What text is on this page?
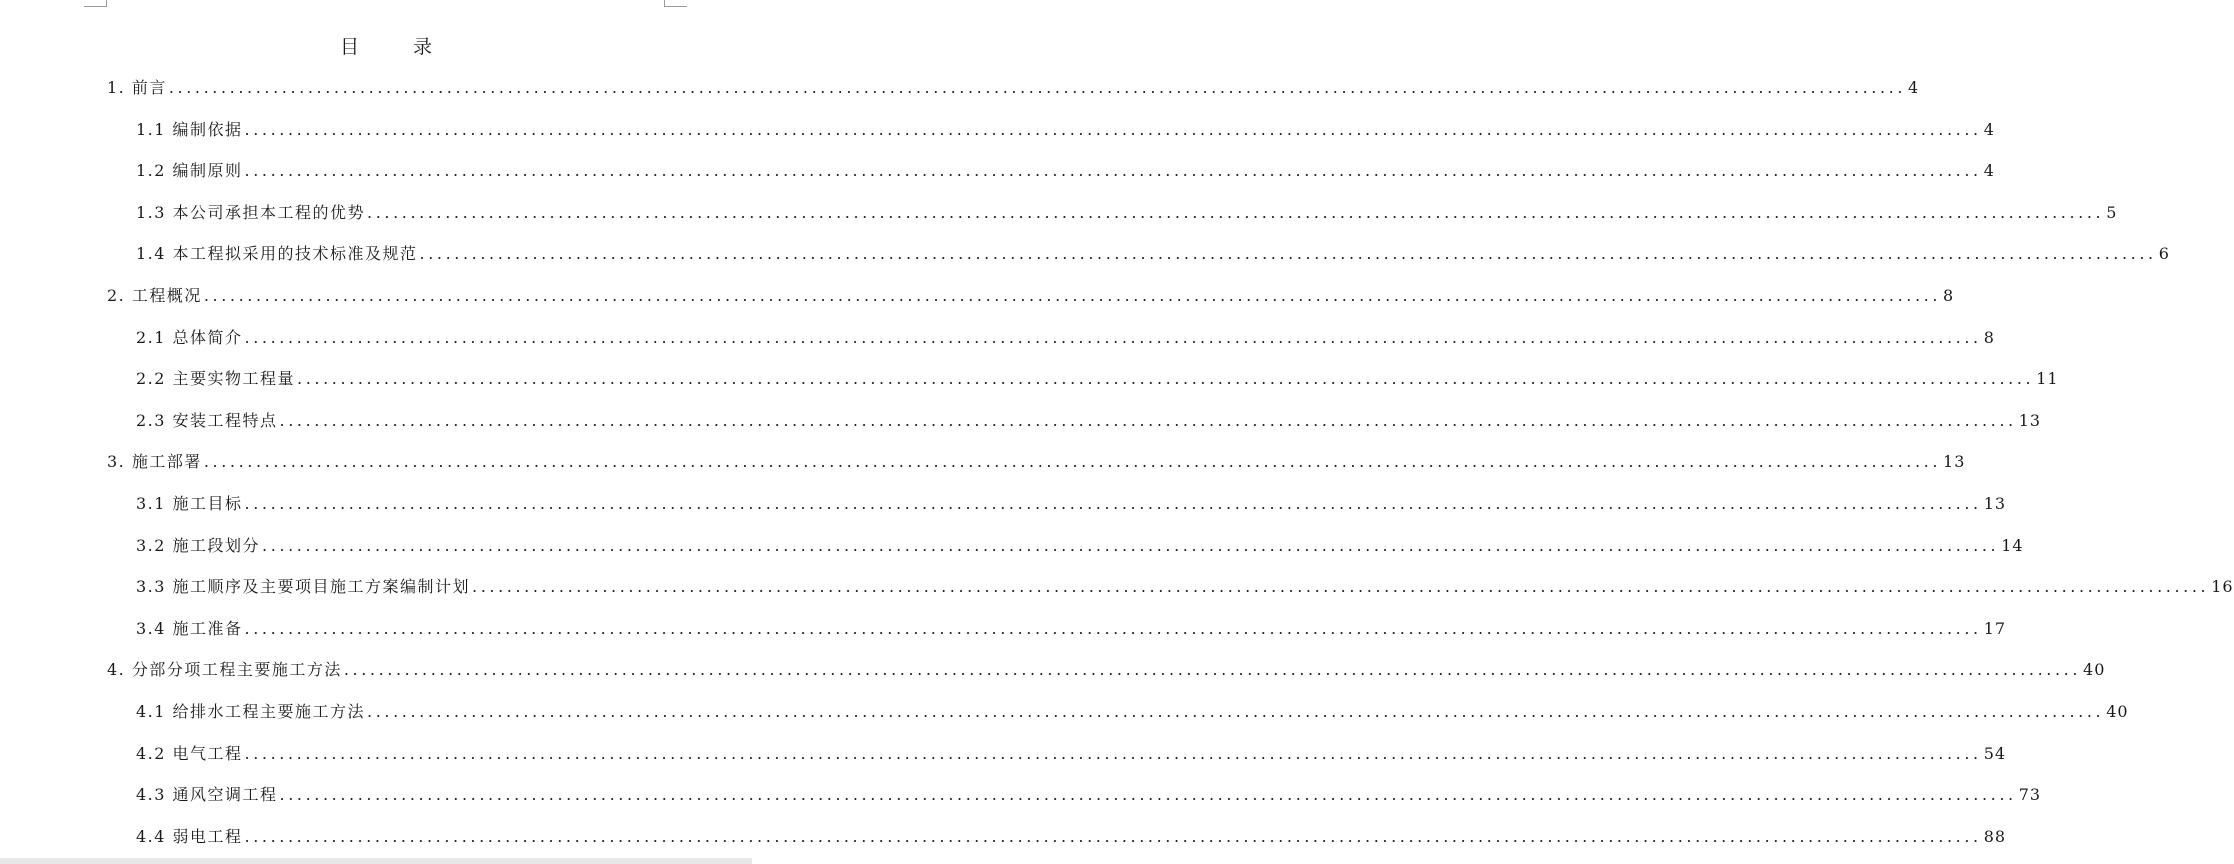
目	录
1. 前言 ........................................................................................................................................................................................................ 4
1.1 编制依据 ........................................................................................................................................................................................................ 4
1.2 编制原则 ........................................................................................................................................................................................................ 4
1.3 本公司承担本工程的优势 ........................................................................................................................................................................................................ 5
1.4 本工程拟采用的技术标准及规范 ........................................................................................................................................................................................................ 6
2. 工程概况 ........................................................................................................................................................................................................ 8
2.1 总体简介 ........................................................................................................................................................................................................ 8
2.2 主要实物工程量 ........................................................................................................................................................................................................ 11
2.3 安装工程特点 ........................................................................................................................................................................................................ 13
3. 施工部署 ........................................................................................................................................................................................................ 13
3.1 施工目标 ........................................................................................................................................................................................................ 13
3.2 施工段划分 ........................................................................................................................................................................................................ 14
3.3 施工顺序及主要项目施工方案编制计划 ........................................................................................................................................................................................................ 16
3.4 施工准备 ........................................................................................................................................................................................................ 17
4. 分部分项工程主要施工方法 ........................................................................................................................................................................................................ 40
4.1 给排水工程主要施工方法 ........................................................................................................................................................................................................ 40
4.2 电气工程 ........................................................................................................................................................................................................ 54
4.3 通风空调工程 ........................................................................................................................................................................................................ 73
4.4 弱电工程 ........................................................................................................................................................................................................ 88
